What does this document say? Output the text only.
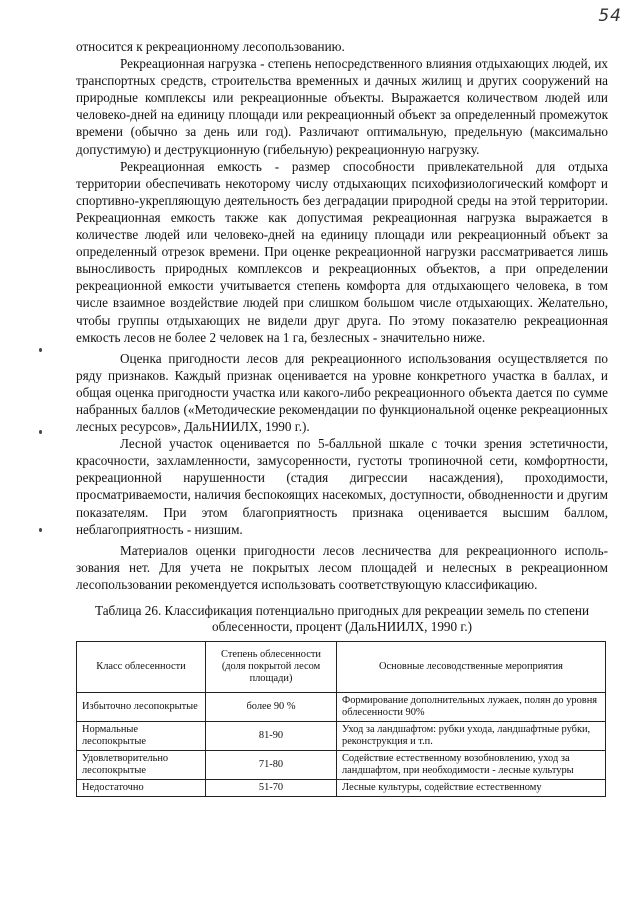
54

относится к рекреационному лесопользованию.

Рекреационная нагрузка - степень непосредственного влияния отдыхающих людей, их транспортных средств, строительства временных и дачных жилищ и других сооружений на природные комплексы или рекреационные объекты. Выражается количеством людей или человеко-дней на единицу площади или рекреационный объект за определенный промежуток времени (обычно за день или год). Различают оптимальную, предельную (максимально допустимую) и деструкционную (гибельную) рекреационную нагрузку.

Рекреационная емкость - размер способности привлекательной для отдыха территории обеспечивать некоторому числу отдыхающих психофизиологический комфорт и спортивно-укрепляющую деятельность без деградации природной среды на этой территории. Рекреационная емкость также как допустимая рекреационная нагрузка выражается в количестве людей или человеко-дней на единицу площади или рекреационный объект за определенный отрезок времени. При оценке рекреационной нагрузки рассматривается лишь выносливость природных комплексов и рекреационных объектов, а при определении рекреационной емкости учитывается степень комфорта для отдыхающего человека, в том числе взаимное воздействие людей при слишком большом числе отдыхающих. Желательно, чтобы группы отдыхающих не видели друг друга. По этому показателю рекреационная емкость лесов не более 2 человек на 1 га, безлесных - значительно ниже.

Оценка пригодности лесов для рекреационного использования осуществляется по ряду признаков. Каждый признак оценивается на уровне конкретного участка в баллах, и общая оценка пригодности участка или какого-либо рекреационного объекта дается по сумме набранных баллов («Методические рекомендации по функциональной оценке рекреационных лесных ресурсов», ДальНИИЛХ, 1990 г.).

Лесной участок оценивается по 5-балльной шкале с точки зрения эстетичности, красочности, захламленности, замусоренности, густоты тропиночной сети, комфортности, рекреационной нарушенности (стадия дигрессии насаждения), проходимости, просматриваемости, наличия беспокоящих насекомых, доступности, обводненности и другим показателям. При этом благоприятность признака оценивается высшим баллом, неблагоприятность - низшим.

Материалов оценки пригодности лесов лесничества для рекреационного исполь-зования нет. Для учета не покрытых лесом площадей и нелесных в рекреационном лесопользовании рекомендуется использовать соответствующую классификацию.

Таблица 26. Классификация потенциально пригодных для рекреации земель по степени облесенности, процент (ДальНИИЛХ, 1990 г.)
Класс облесенности	Степень облесенности (доля покрытой лесом площади)	Основные лесоводственные мероприятия
Избыточно лесопокрытые	более 90 %	Формирование дополнительных лужаек, полян до уровня облесенности 90%
Нормальные лесопокрытые	81-90	Уход за ландшафтом: рубки ухода, ландшафтные рубки, реконструкция и т.п.
Удовлетворительно лесопокрытые	71-80	Содействие естественному возобновлению, уход за ландшафтом, при необходимости - лесные культуры
Недостаточно	51-70	Лесные культуры, содействие естественному
